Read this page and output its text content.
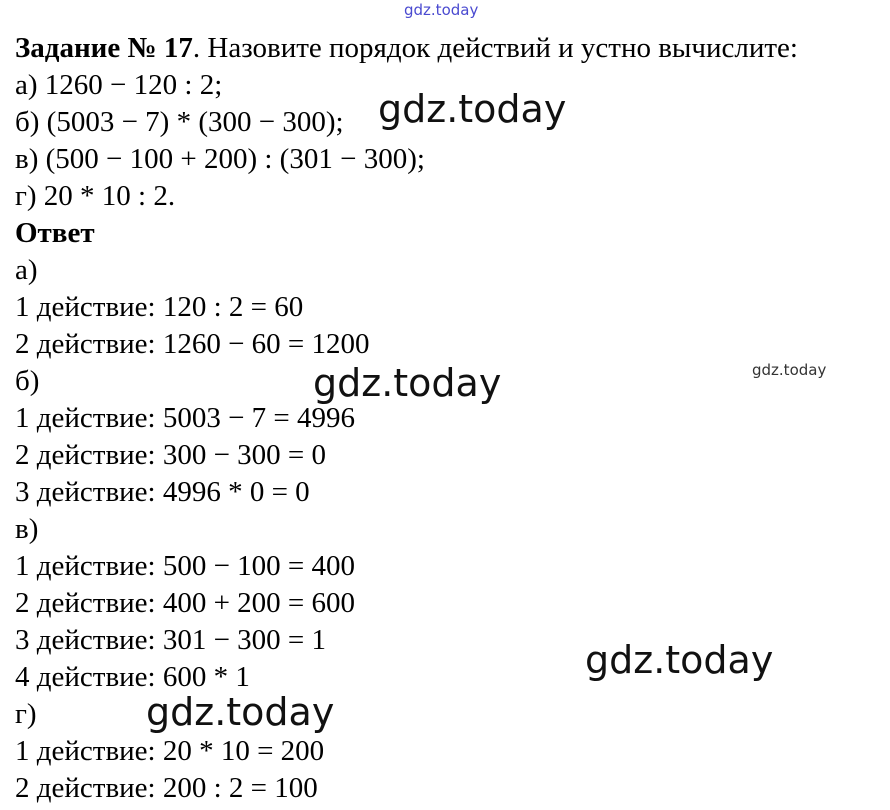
Задание № 17. Назовите порядок действий и устно вычислите:
а) 1260 − 120 : 2;
б) (5003 − 7) * (300 − 300);
в) (500 − 100 + 200) : (301 − 300);
г) 20 * 10 : 2.
Ответ
а)
1 действие: 120 : 2 = 60
2 действие: 1260 − 60 = 1200
б)
1 действие: 5003 − 7 = 4996
2 действие: 300 − 300 = 0
3 действие: 4996 * 0 = 0
в)
1 действие: 500 − 100 = 400
2 действие: 400 + 200 = 600
3 действие: 301 − 300 = 1
4 действие: 600 * 1
г)
1 действие: 20 * 10 = 200
2 действие: 200 : 2 = 100
gdz.today
gdz.today
gdz.today
gdz.today
gdz.today
gdz.today
